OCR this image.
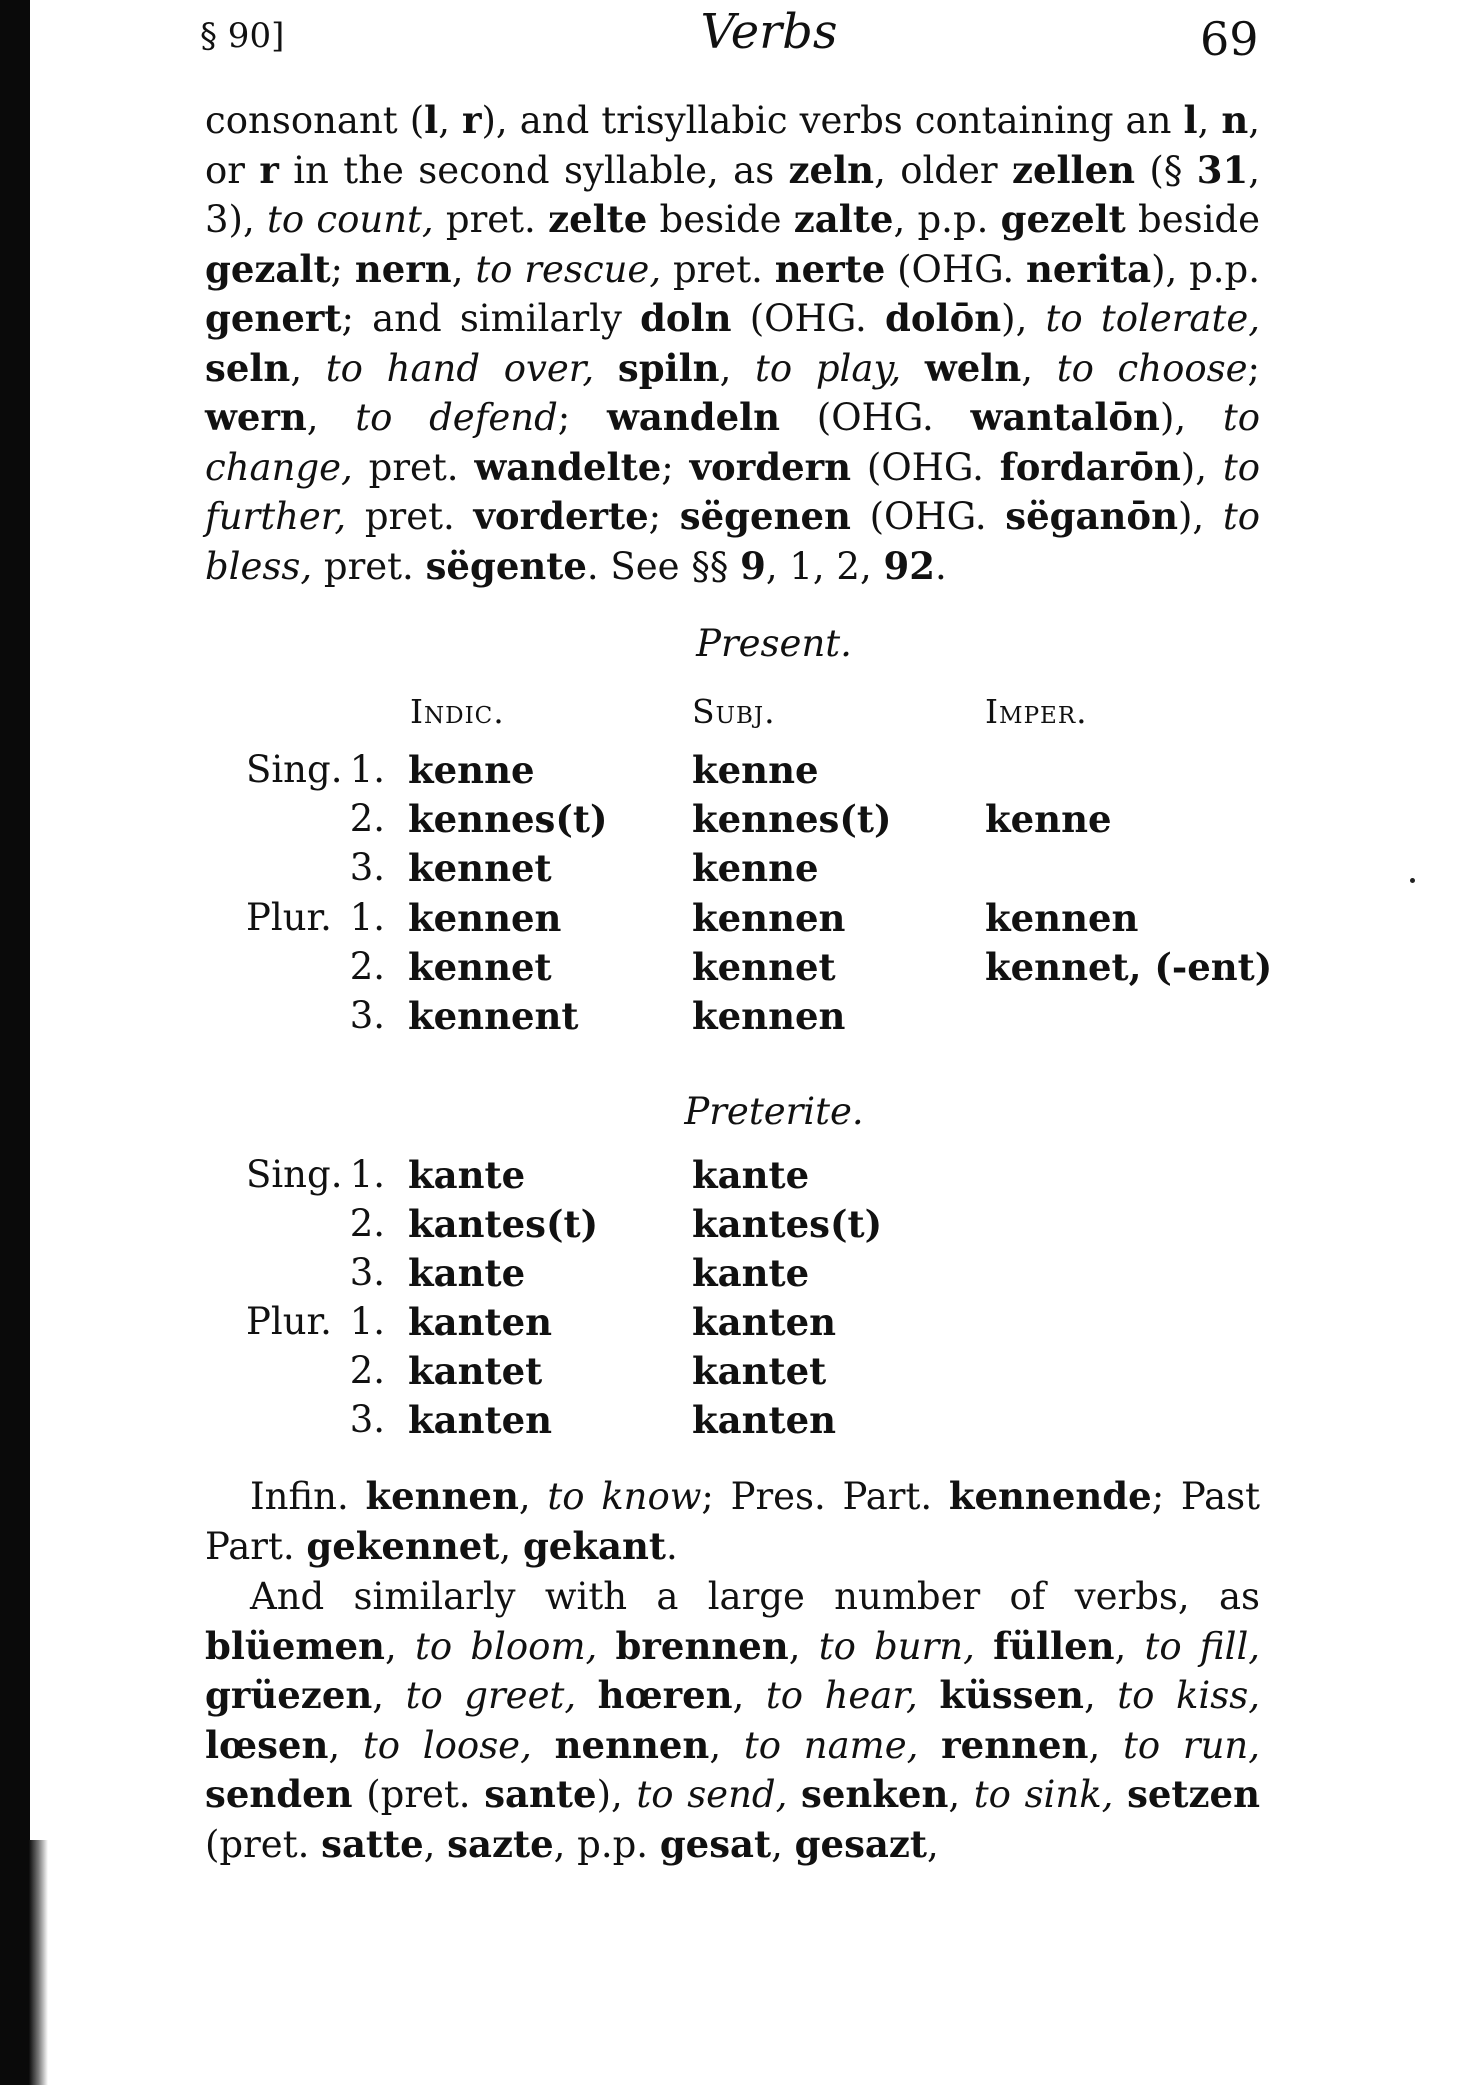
§ 90]	Verbs	69
consonant (l, r), and trisyllabic verbs containing an l, n, or r in the second syllable, as zeln, older zellen (§ 31, 3), to count, pret. zelte beside zalte, p.p. gezelt beside gezalt; nern, to rescue, pret. nerte (OHG. nerita), p.p. genert; and similarly doln (OHG. dolōn), to tolerate, seln, to hand over, spiln, to play, weln, to choose; wern, to defend; wandeln (OHG. wantalōn), to change, pret. wandelte; vordern (OHG. fordarōn), to further, pret. vorderte; sëgenen (OHG. sëganōn), to bless, pret. sëgente. See §§ 9, 1, 2, 92.
Present.
Indic.	Subj.	Imper.
Sing. 1. kenne	kenne
2. kennes(t) kennes(t)	kenne
3. kennet	kenne
Plur. 1. kennen	kennen	kennen
2. kennet	kennet	kennet, (-ent)
3. kennent	kennen
Preterite.
Sing. 1. kante	kante
2. kantes(t)	kantes(t)
3. kante	kante
Plur. 1. kanten	kanten
2. kantet	kantet
3. kanten	kanten
Infin. kennen, to know; Pres. Part. kennende; Past Part. gekennet, gekant.
And similarly with a large number of verbs, as blüemen, to bloom, brennen, to burn, füllen, to fill, grüezen, to greet, hœren, to hear, küssen, to kiss, lœsen, to loose, nennen, to name, rennen, to run, senden (pret. sante), to send, senken, to sink, setzen (pret. satte, sazte, p.p. gesat, gesazt,
